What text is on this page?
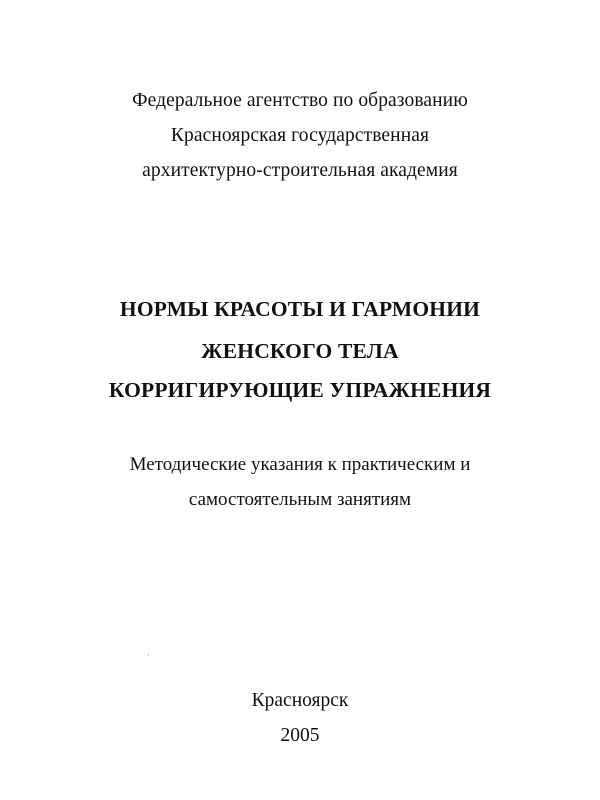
Федеральное агентство по образованию
Красноярская государственная
архитектурно-строительная академия
НОРМЫ КРАСОТЫ И ГАРМОНИИ
ЖЕНСКОГО ТЕЛА
КОРРИГИРУЮЩИЕ УПРАЖНЕНИЯ
Методические указания к практическим и
самостоятельным занятиям
Красноярск
2005
